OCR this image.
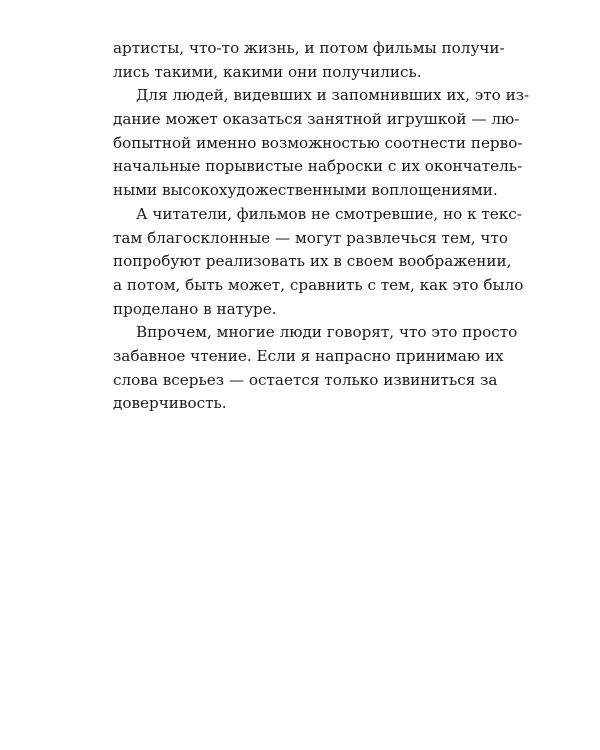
артисты, что-то жизнь, и потом фильмы получи-
лись такими, какими они получились.
Для людей, видевших и запомнивших их, это из-
дание может оказаться занятной игрушкой — лю-
бопытной именно возможностью соотнести перво-
начальные порывистые наброски с их окончатель-
ными высокохудожественными воплощениями.
А читатели, фильмов не смотревшие, но к текс-
там благосклонные — могут развлечься тем, что
попробуют реализовать их в своем воображении,
а потом, быть может, сравнить с тем, как это было
проделано в натуре.
Впрочем, многие люди говорят, что это просто
забавное чтение. Если я напрасно принимаю их
слова всерьез — остается только извиниться за
доверчивость.
